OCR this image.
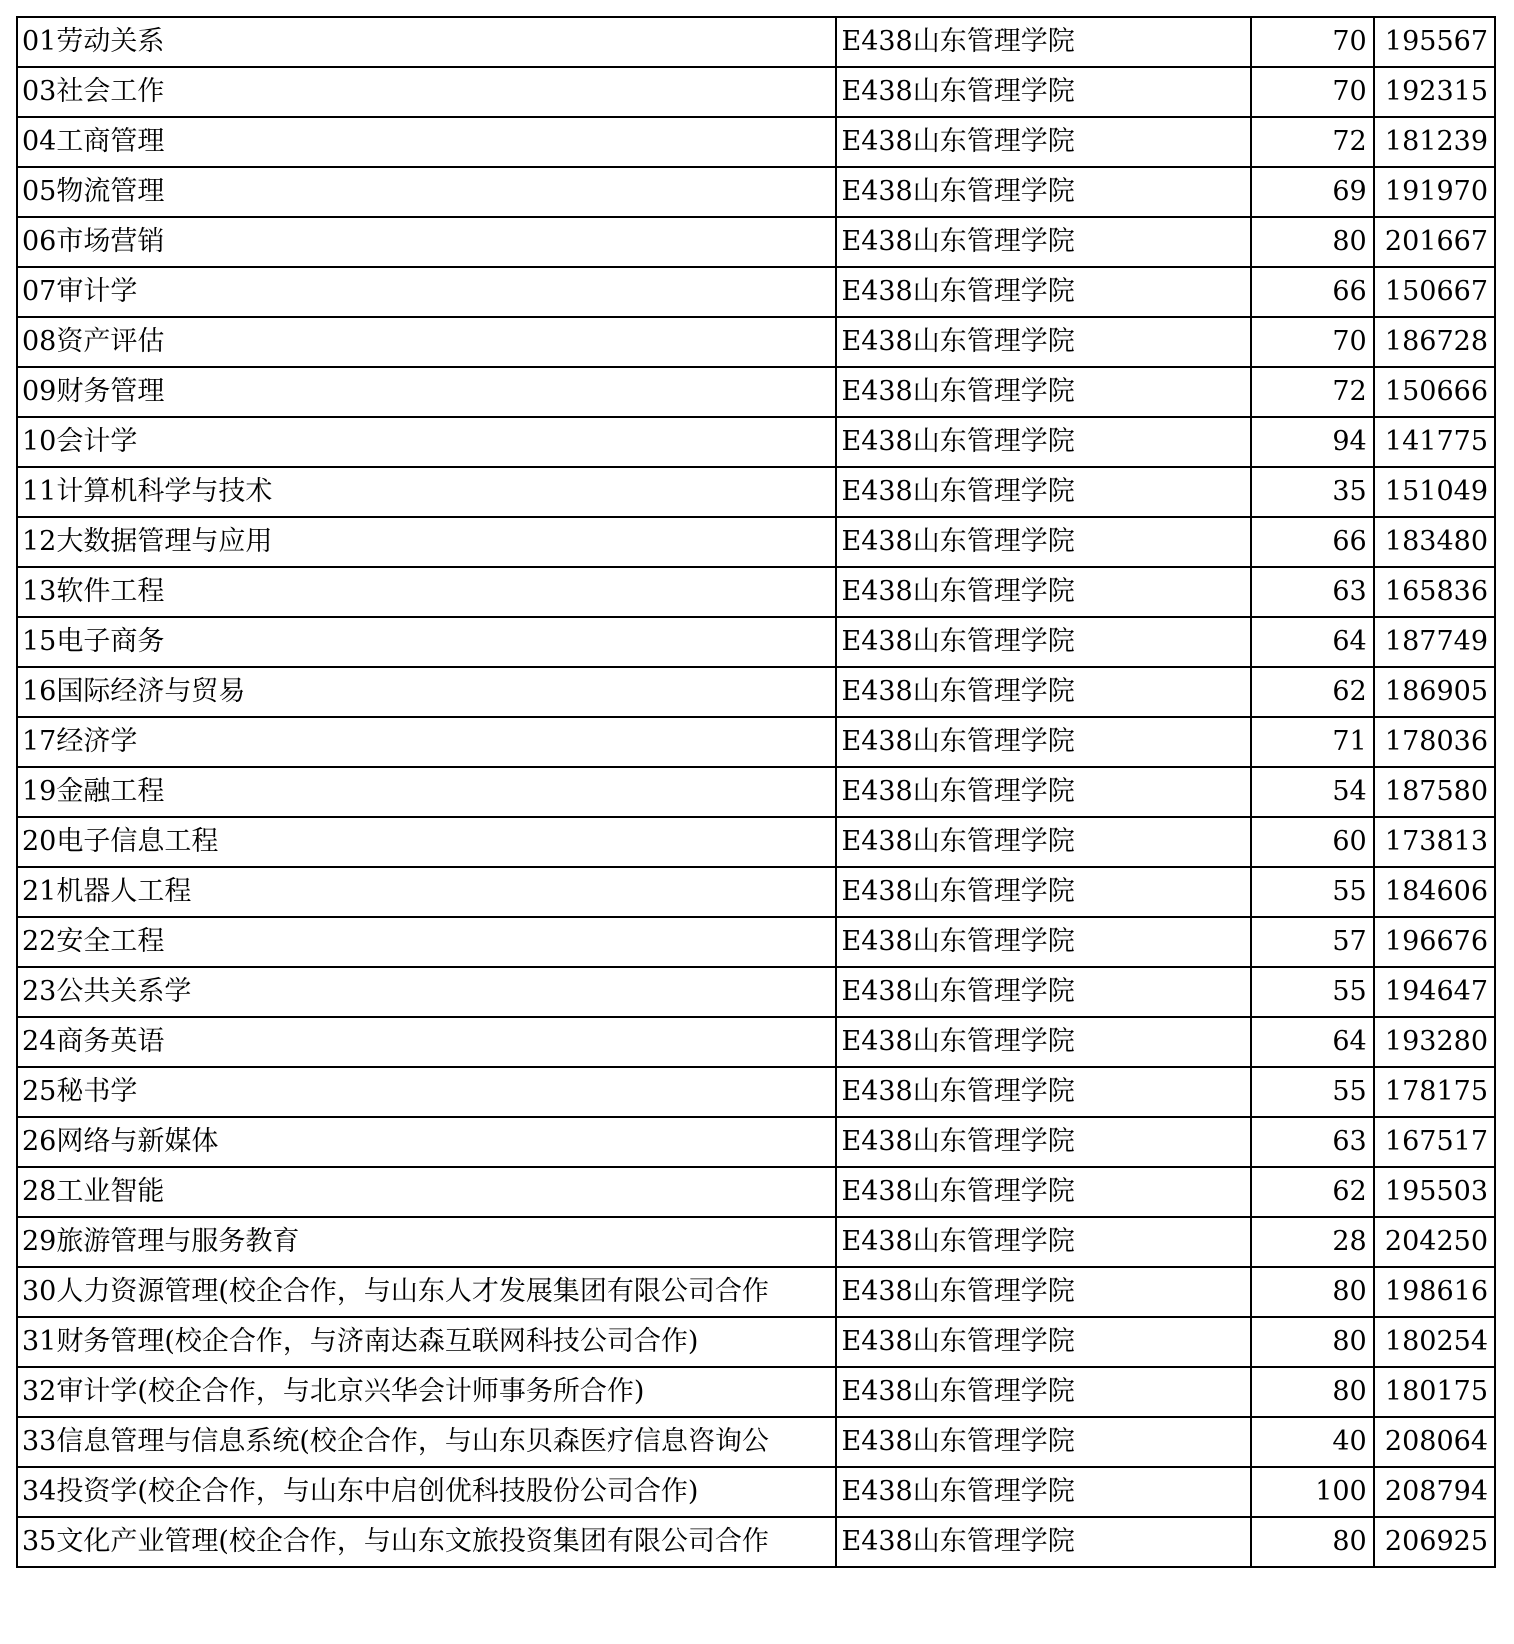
01劳动关系	E438山东管理学院	70	195567
03社会工作	E438山东管理学院	70	192315
04工商管理	E438山东管理学院	72	181239
05物流管理	E438山东管理学院	69	191970
06市场营销	E438山东管理学院	80	201667
07审计学	E438山东管理学院	66	150667
08资产评估	E438山东管理学院	70	186728
09财务管理	E438山东管理学院	72	150666
10会计学	E438山东管理学院	94	141775
11计算机科学与技术	E438山东管理学院	35	151049
12大数据管理与应用	E438山东管理学院	66	183480
13软件工程	E438山东管理学院	63	165836
15电子商务	E438山东管理学院	64	187749
16国际经济与贸易	E438山东管理学院	62	186905
17经济学	E438山东管理学院	71	178036
19金融工程	E438山东管理学院	54	187580
20电子信息工程	E438山东管理学院	60	173813
21机器人工程	E438山东管理学院	55	184606
22安全工程	E438山东管理学院	57	196676
23公共关系学	E438山东管理学院	55	194647
24商务英语	E438山东管理学院	64	193280
25秘书学	E438山东管理学院	55	178175
26网络与新媒体	E438山东管理学院	63	167517
28工业智能	E438山东管理学院	62	195503
29旅游管理与服务教育	E438山东管理学院	28	204250
30人力资源管理(校企合作，与山东人才发展集团有限公司合作	E438山东管理学院	80	198616
31财务管理(校企合作，与济南达森互联网科技公司合作)	E438山东管理学院	80	180254
32审计学(校企合作，与北京兴华会计师事务所合作)	E438山东管理学院	80	180175
33信息管理与信息系统(校企合作，与山东贝森医疗信息咨询公	E438山东管理学院	40	208064
34投资学(校企合作，与山东中启创优科技股份公司合作)	E438山东管理学院	100	208794
35文化产业管理(校企合作，与山东文旅投资集团有限公司合作	E438山东管理学院	80	206925
